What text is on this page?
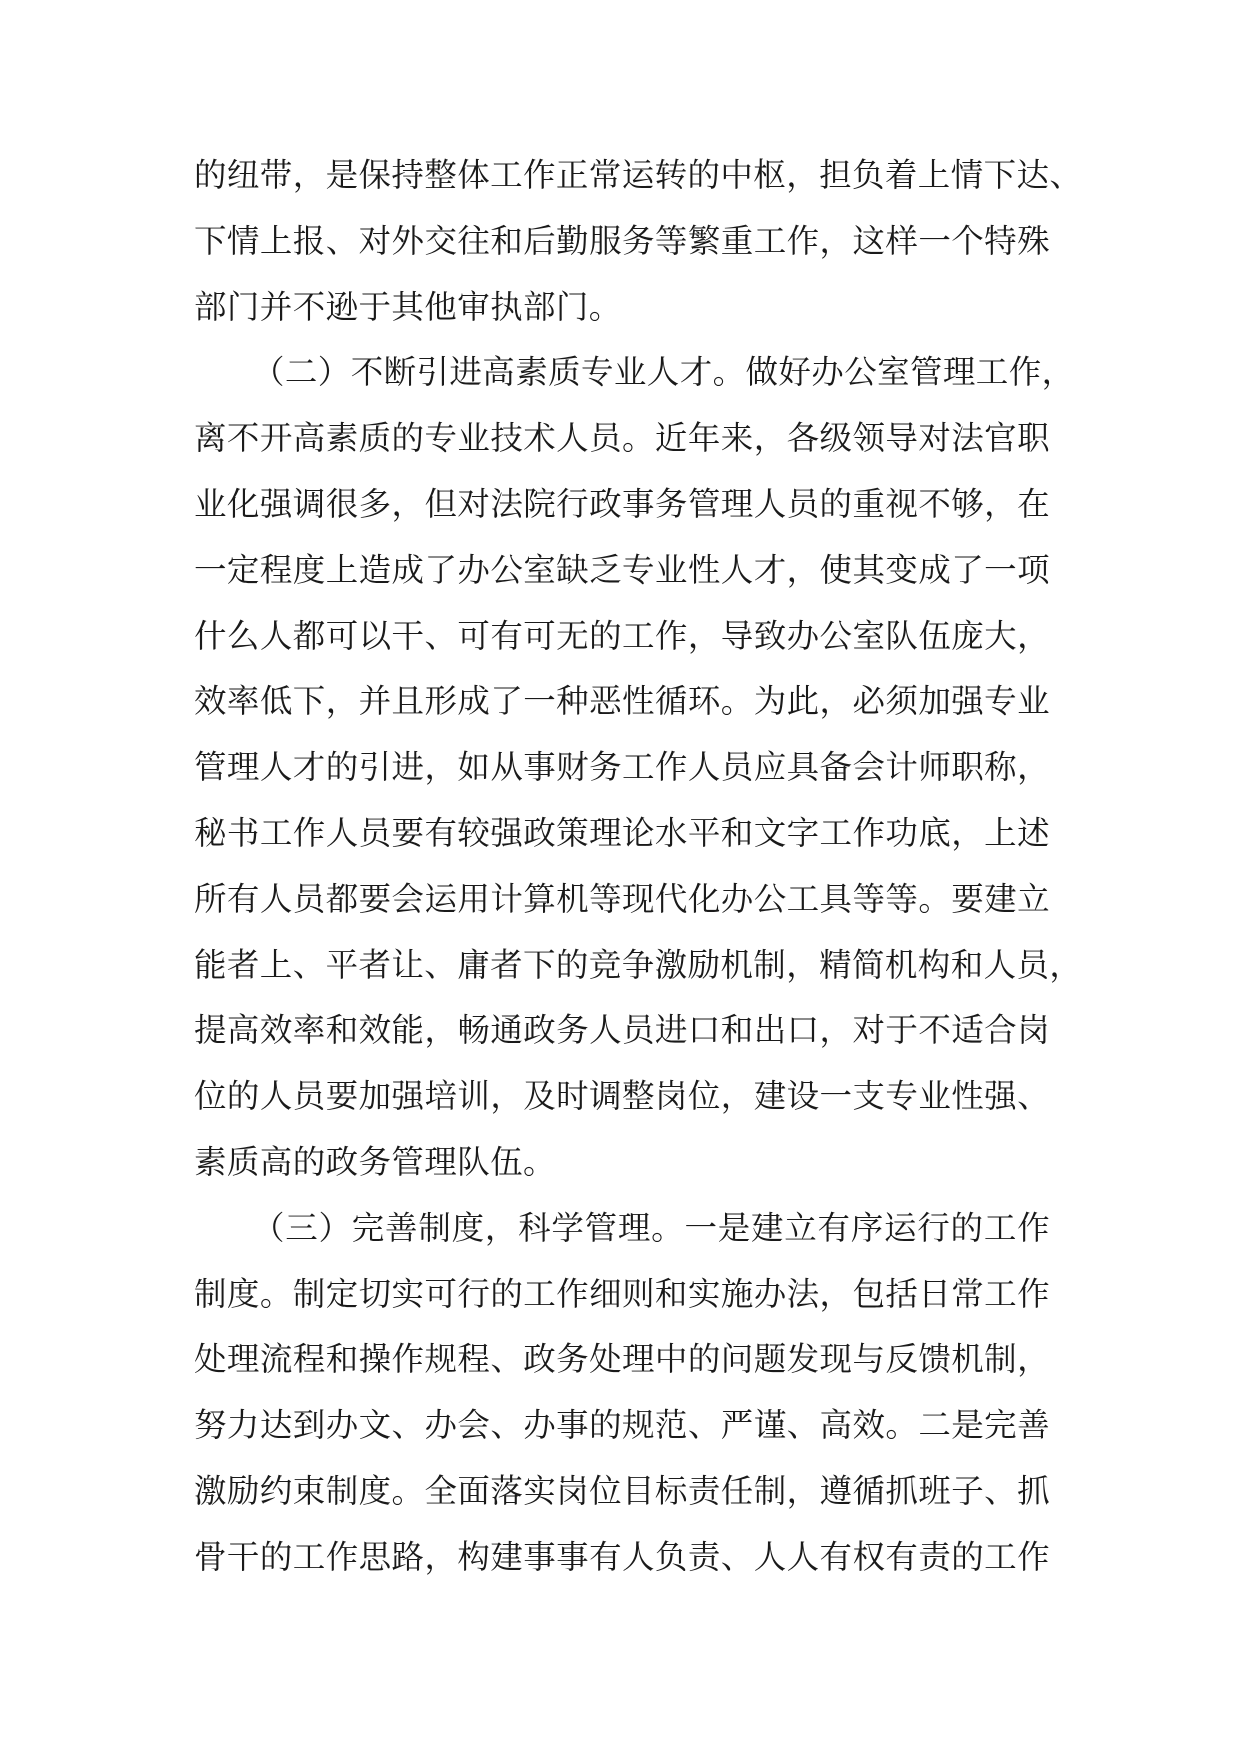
的纽带，是保持整体工作正常运转的中枢，担负着上情下达、
下情上报、对外交往和后勤服务等繁重工作，这样一个特殊
部门并不逊于其他审执部门。
（二）不断引进高素质专业人才。做好办公室管理工作，
离不开高素质的专业技术人员。近年来，各级领导对法官职
业化强调很多，但对法院行政事务管理人员的重视不够，在
一定程度上造成了办公室缺乏专业性人才，使其变成了一项
什么人都可以干、可有可无的工作，导致办公室队伍庞大，
效率低下，并且形成了一种恶性循环。为此，必须加强专业
管理人才的引进，如从事财务工作人员应具备会计师职称，
秘书工作人员要有较强政策理论水平和文字工作功底，上述
所有人员都要会运用计算机等现代化办公工具等等。要建立
能者上、平者让、庸者下的竞争激励机制，精简机构和人员，
提高效率和效能，畅通政务人员进口和出口，对于不适合岗
位的人员要加强培训，及时调整岗位，建设一支专业性强、
素质高的政务管理队伍。
（三）完善制度，科学管理。一是建立有序运行的工作
制度。制定切实可行的工作细则和实施办法，包括日常工作
处理流程和操作规程、政务处理中的问题发现与反馈机制，
努力达到办文、办会、办事的规范、严谨、高效。二是完善
激励约束制度。全面落实岗位目标责任制，遵循抓班子、抓
骨干的工作思路，构建事事有人负责、人人有权有责的工作
